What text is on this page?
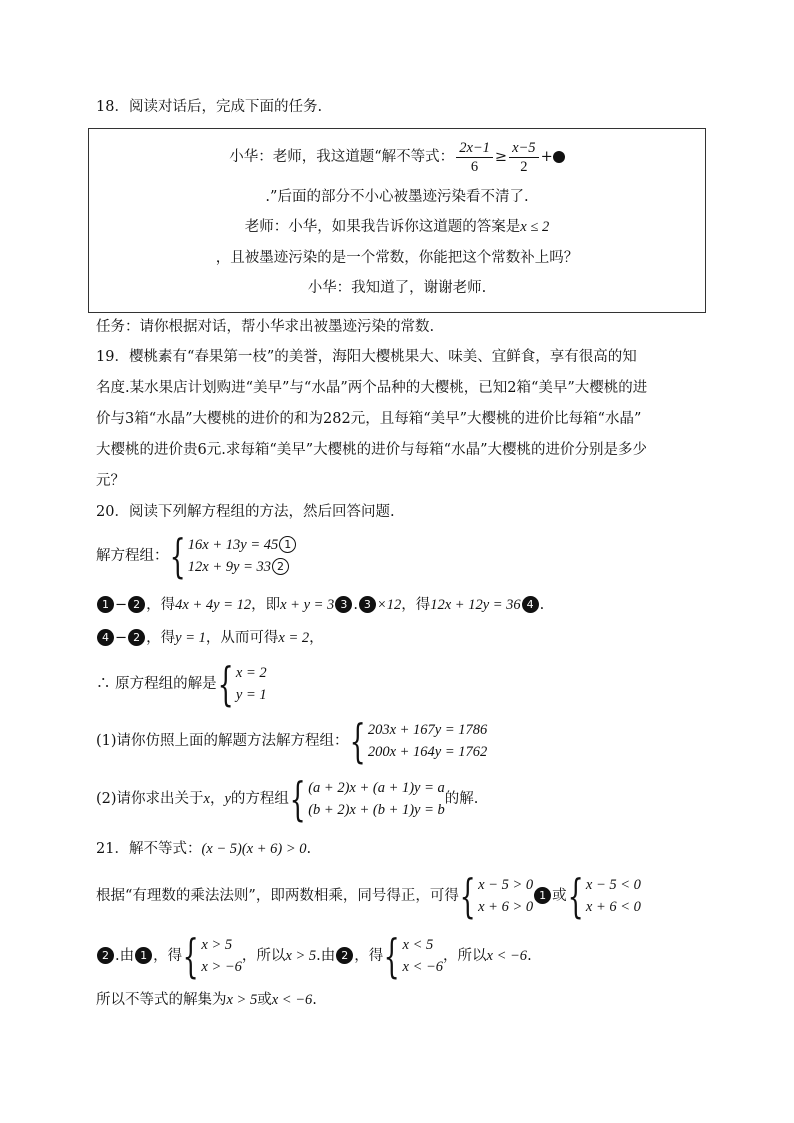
18．阅读对话后，完成下面的任务.
小华：老师，我这道题“解不等式： $\frac{2x-1}{6} \ge \frac{x-5}{2}$ +
.”后面的部分不小心被墨迹污染看不清了.
老师：小华，如果我告诉你这道题的答案是x ≤ 2
，且被墨迹污染的是一个常数，你能把这个常数补上吗？
小华：我知道了，谢谢老师.
任务：请你根据对话，帮小华求出被墨迹污染的常数.
19．樱桃素有“春果第一枝”的美誉，海阳大樱桃果大、味美、宜鲜食，享有很高的知
名度.某水果店计划购进“美早”与“水晶”两个品种的大樱桃，已知2箱“美早”大樱桃的进
价与3箱“水晶”大樱桃的进价的和为282元，且每箱“美早”大樱桃的进价比每箱“水晶”
大樱桃的进价贵6元.求每箱“美早”大樱桃的进价与每箱“水晶”大樱桃的进价分别是多少
元？
20．阅读下列解方程组的方法，然后回答问题.
解方程组： { 16x + 13y = 45 1
12x + 9y = 33 2
1 − 2 ，得4x + 4y = 12，即x + y = 3 3 . 3 ×12，得12x + 12y = 36 4 .
4 − 2 ，得y = 1，从而可得x = 2，
∴ 原方程组的解是 { x = 2
y = 1
(1)请你仿照上面的解题方法解方程组： { 203x + 167y = 1786
200x + 164y = 1762
(2)请你求出关于x，y的方程组 { (a + 2)x + (a + 1)y = a
(b + 2)x + (b + 1)y = b
的解.
21．解不等式：(x − 5)(x + 6) > 0.
根据“有理数的乘法法则”，即两数相乘，同号得正，可得 { x − 5 > 0
x + 6 > 0
1 或 { x − 5 < 0
x + 6 < 0
2 .由 1 ，得 { x > 5
x > −6
，所以x > 5.由 2 ，得 { x < 5
x < −6
，所以x < −6.
所以不等式的解集为x > 5或x < −6.
